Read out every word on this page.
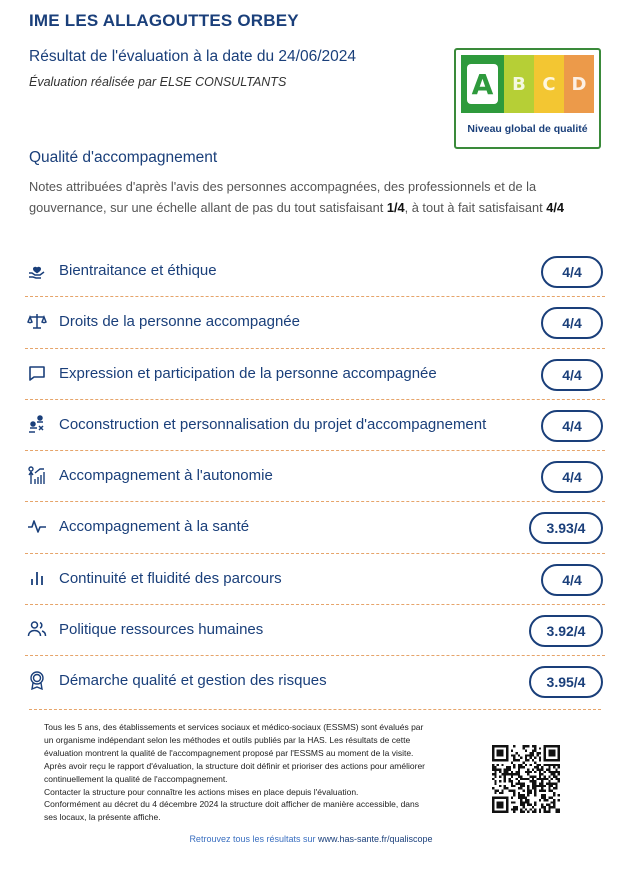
IME LES ALLAGOUTTES ORBEY
Résultat de l'évaluation à la date du 24/06/2024
Évaluation réalisée par ELSE CONSULTANTS	A	B C D
Niveau global de qualité
Qualité d'accompagnement
Notes attribuées d'après l'avis des personnes accompagnées, des professionnels et de la gouvernance, sur une échelle allant de pas du tout satisfaisant 1/4, à tout à fait satisfaisant 4/4
Bientraitance et éthique	4/4
Droits de la personne accompagnée	4/4
Expression et participation de la personne accompagnée	4/4
Coconstruction et personnalisation du projet d'accompagnement	4/4
Accompagnement à l'autonomie	4/4
Accompagnement à la santé	3.93/4
Continuité et fluidité des parcours	4/4
Politique ressources humaines	3.92/4
Démarche qualité et gestion des risques	3.95/4
Tous les 5 ans, des établissements et services sociaux et médico-sociaux (ESSMS) sont évalués par
un organisme indépendant selon les méthodes et outils publiés par la HAS. Les résultats de cette
évaluation montrent la qualité de l'accompagnement proposé par l'ESSMS au moment de la visite.
Après avoir reçu le rapport d'évaluation, la structure doit définir et prioriser des actions pour améliorer
continuellement la qualité de l'accompagnement.
Contacter la structure pour connaître les actions mises en place depuis l'évaluation.
Conformément au décret du 4 décembre 2024 la structure doit afficher de manière accessible, dans
ses locaux, la présente affiche.
Retrouvez tous les résultats sur www.has-sante.fr/qualiscope
